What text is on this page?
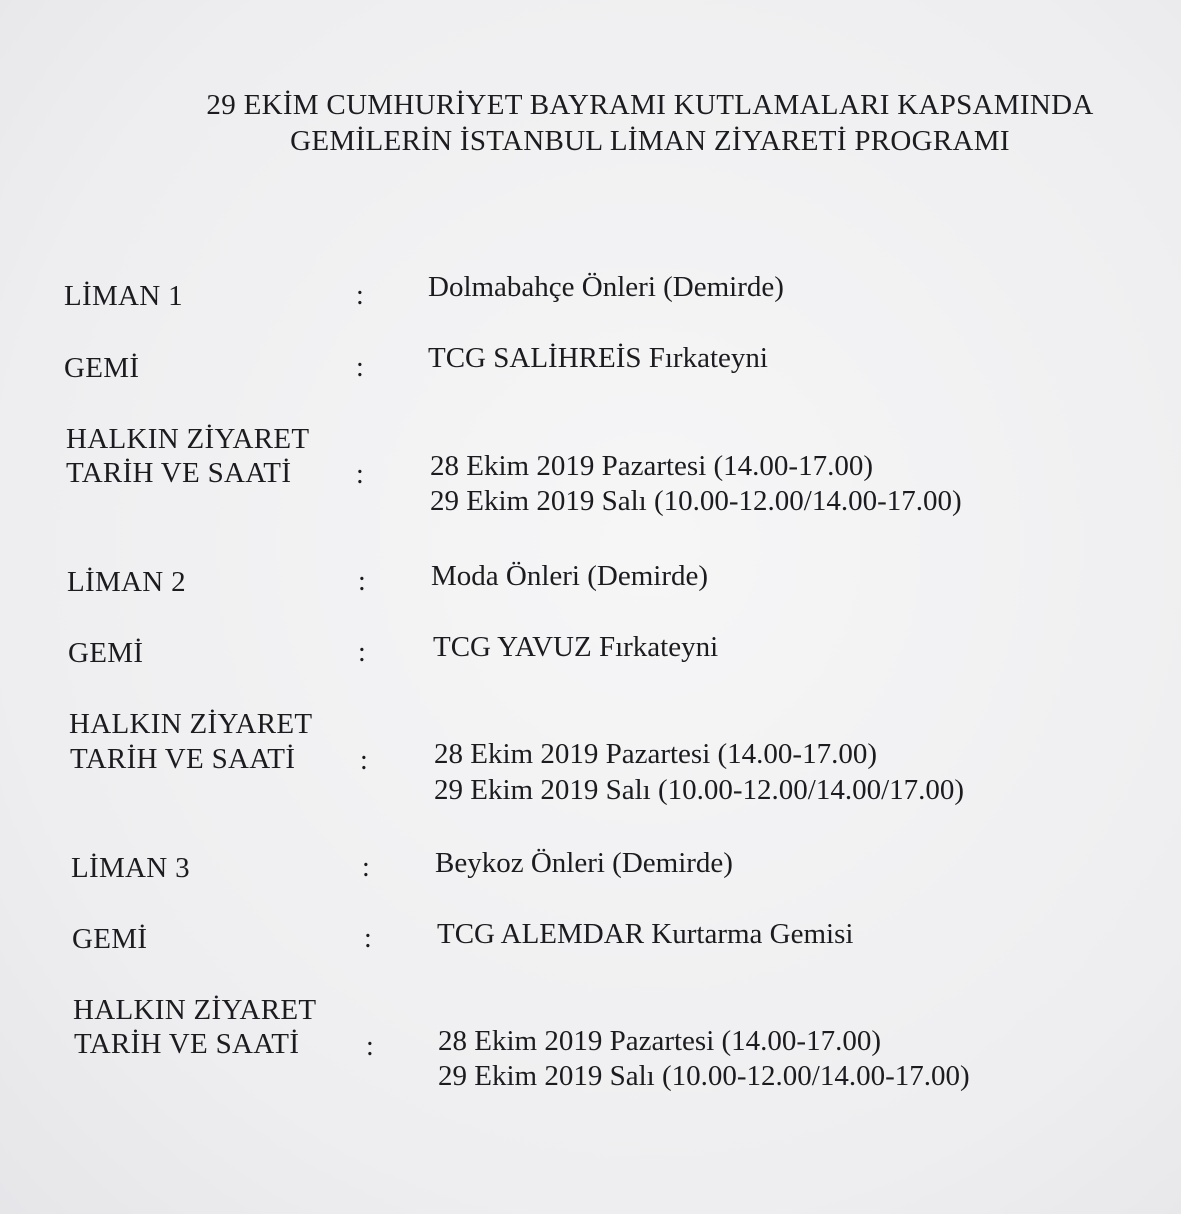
29 EKİM CUMHURİYET BAYRAMI KUTLAMALARI KAPSAMINDA
GEMİLERİN İSTANBUL LİMAN ZİYARETİ PROGRAMI
LİMAN 1	: Dolmabahçe Önleri (Demirde)
GEMİ	: TCG SALİHREİS Fırkateyni
HALKIN ZİYARET
TARİH VE SAATİ : 28 Ekim 2019 Pazartesi (14.00-17.00)
29 Ekim 2019 Salı (10.00-12.00/14.00-17.00)
LİMAN 2	: Moda Önleri (Demirde)
GEMİ	: TCG YAVUZ Fırkateyni
HALKIN ZİYARET
TARİH VE SAATİ : 28 Ekim 2019 Pazartesi (14.00-17.00)
29 Ekim 2019 Salı (10.00-12.00/14.00/17.00)
LİMAN 3	: Beykoz Önleri (Demirde)
GEMİ	: TCG ALEMDAR Kurtarma Gemisi
HALKIN ZİYARET
TARİH VE SAATİ : 28 Ekim 2019 Pazartesi (14.00-17.00)
29 Ekim 2019 Salı (10.00-12.00/14.00-17.00)
